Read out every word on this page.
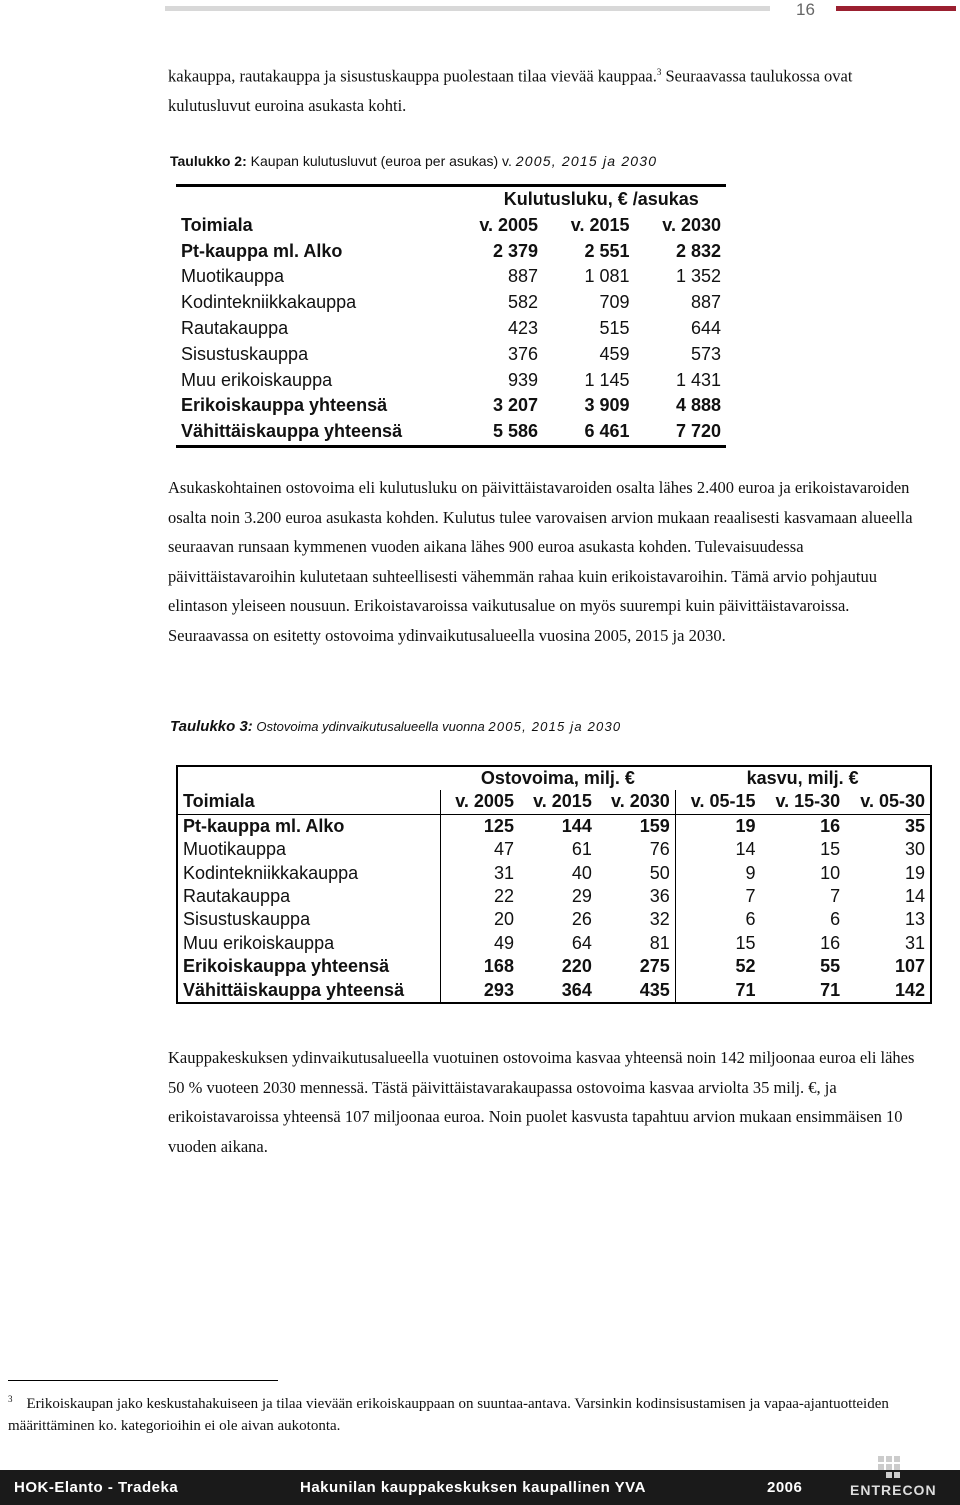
16
kakauppa, rautakauppa ja sisustuskauppa puolestaan tilaa vievää kauppaa.$^3$ Seuraavassa taulukossa ovat kulutusluvut euroina asukasta kohti.
Taulukko 2: Kaupan kulutusluvut (euroa per asukas) v. 2005, 2015 ja 2030
	Kulutusluku, € /asukas		
Toimiala	v. 2005	v. 2015	v. 2030
Pt-kauppa ml. Alko	2 379	2 551	2 832
Muotikauppa	887	1 081	1 352
Kodintekniikkakauppa	582	709	887
Rautakauppa	423	515	644
Sisustuskauppa	376	459	573
Muu erikoiskauppa	939	1 145	1 431
Erikoiskauppa yhteensä	3 207	3 909	4 888
Vähittäiskauppa yhteensä	5 586	6 461	7 720
Asukaskohtainen ostovoima eli kulutusluku on päivittäistavaroiden osalta lähes 2.400 euroa ja erikoistavaroiden osalta noin 3.200 euroa asukasta kohden. Kulutus tulee varovaisen arvion mukaan reaalisesti kasvamaan alueella seuraavan runsaan kymmenen vuoden aikana lähes 900 euroa asukasta kohden. Tulevaisuudessa päivittäistavaroihin kulutetaan suhteellisesti vähemmän rahaa kuin erikoistavaroihin. Tämä arvio pohjautuu elintason yleiseen nousuun. Erikoistavaroissa vaikutusalue on myös suurempi kuin päivittäistavaroissa. Seuraavassa on esitetty ostovoima ydinvaikutusalueella vuosina 2005, 2015 ja 2030.
Taulukko 3: Ostovoima ydinvaikutusalueella vuonna 2005, 2015 ja 2030
	Ostovoima, milj. €			kasvu, milj. €		
Toimiala	v. 2005	v. 2015	v. 2030	v. 05-15	v. 15-30	v. 05-30
Pt-kauppa ml. Alko	125	144	159	19	16	35
Muotikauppa	47	61	76	14	15	30
Kodintekniikkakauppa	31	40	50	9	10	19
Rautakauppa	22	29	36	7	7	14
Sisustuskauppa	20	26	32	6	6	13
Muu erikoiskauppa	49	64	81	15	16	31
Erikoiskauppa yhteensä	168	220	275	52	55	107
Vähittäiskauppa yhteensä	293	364	435	71	71	142
Kauppakeskuksen ydinvaikutusalueella vuotuinen ostovoima kasvaa yhteensä noin 142 miljoonaa euroa eli lähes 50 % vuoteen 2030 mennessä. Tästä päivittäistavarakaupassa ostovoima kasvaa arviolta 35 milj. €, ja erikoistavaroissa yhteensä 107 miljoonaa euroa. Noin puolet kasvusta tapahtuu arvion mukaan ensimmäisen 10 vuoden aikana.
$^3$ Erikoiskaupan jako keskustahakuiseen ja tilaa vievään erikoiskauppaan on suuntaa-antava. Varsinkin kodinsisustamisen ja vapaa-ajantuotteiden määrittäminen ko. kategorioihin ei ole aivan aukotonta.
HOK-Elanto - Tradeka	Hakunilan kauppakeskuksen kaupallinen YVA	2006	ENTRECON
